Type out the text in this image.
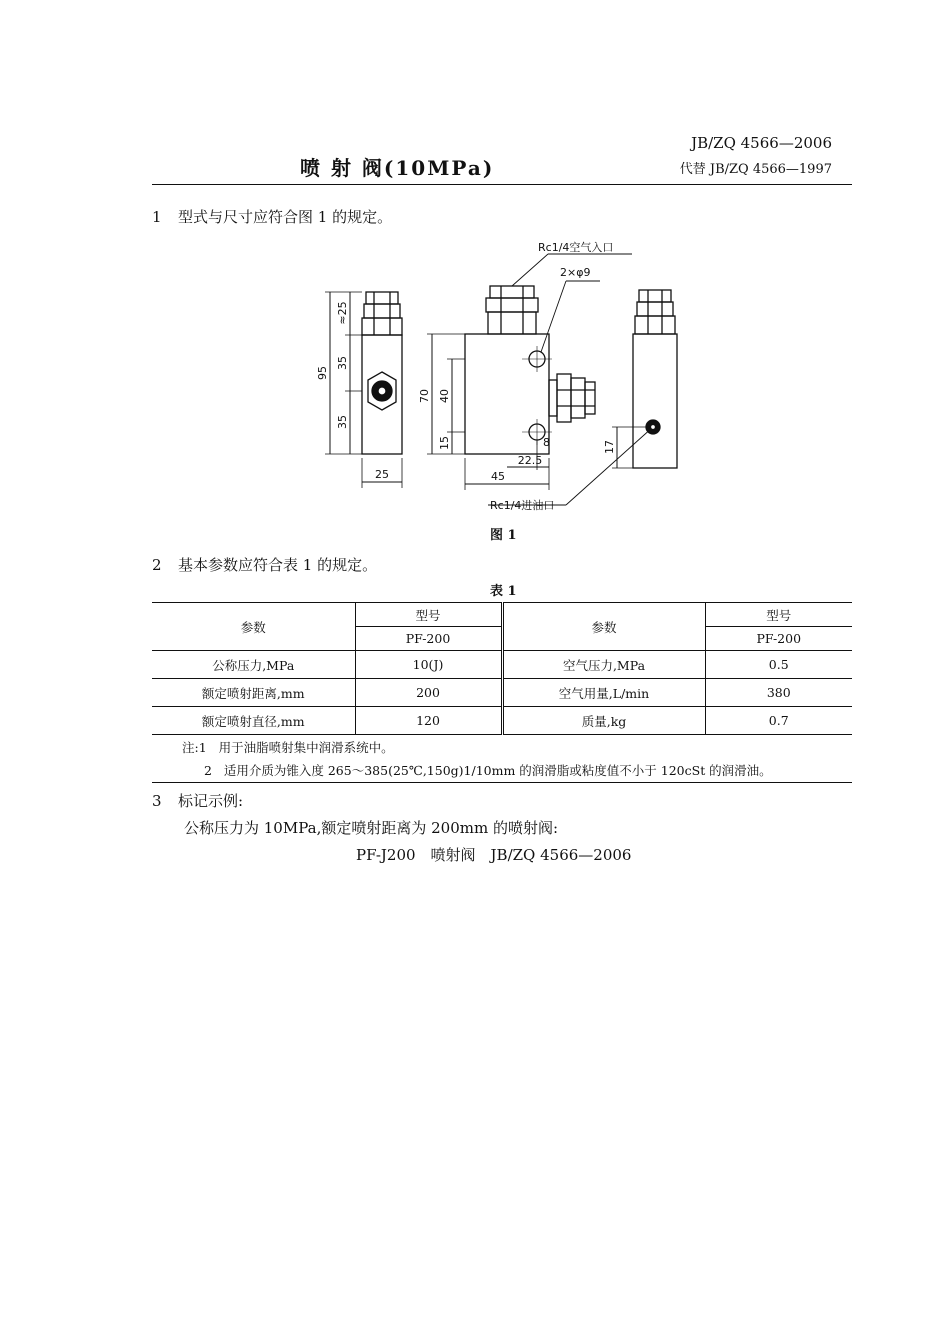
JB/ZQ 4566—2006
代替 JB/ZQ 4566—1997
喷 射 阀(10MPa)
1 型式与尺寸应符合图 1 的规定。
Rc1/4空气入口
2×φ9
Rc1/4进油口
95
≈25
35
35
25
70 40
15	8
45
22.5
17
图 1
2 基本参数应符合表 1 的规定。
表 1
参数	型号	参数	型号
	PF-200		PF-200
公称压力,MPa	10(J)	空气压力,MPa	0.5
额定喷射距离,mm	200	空气用量,L/min	380
额定喷射直径,mm	120	质量,kg	0.7
注:1 用于油脂喷射集中润滑系统中。
2 适用介质为锥入度 265～385(25℃,150g)1/10mm 的润滑脂或粘度值不小于 120cSt 的润滑油。
3 标记示例:
公称压力为 10MPa,额定喷射距离为 200mm 的喷射阀:
PF-J200　喷射阀　JB/ZQ 4566—2006
